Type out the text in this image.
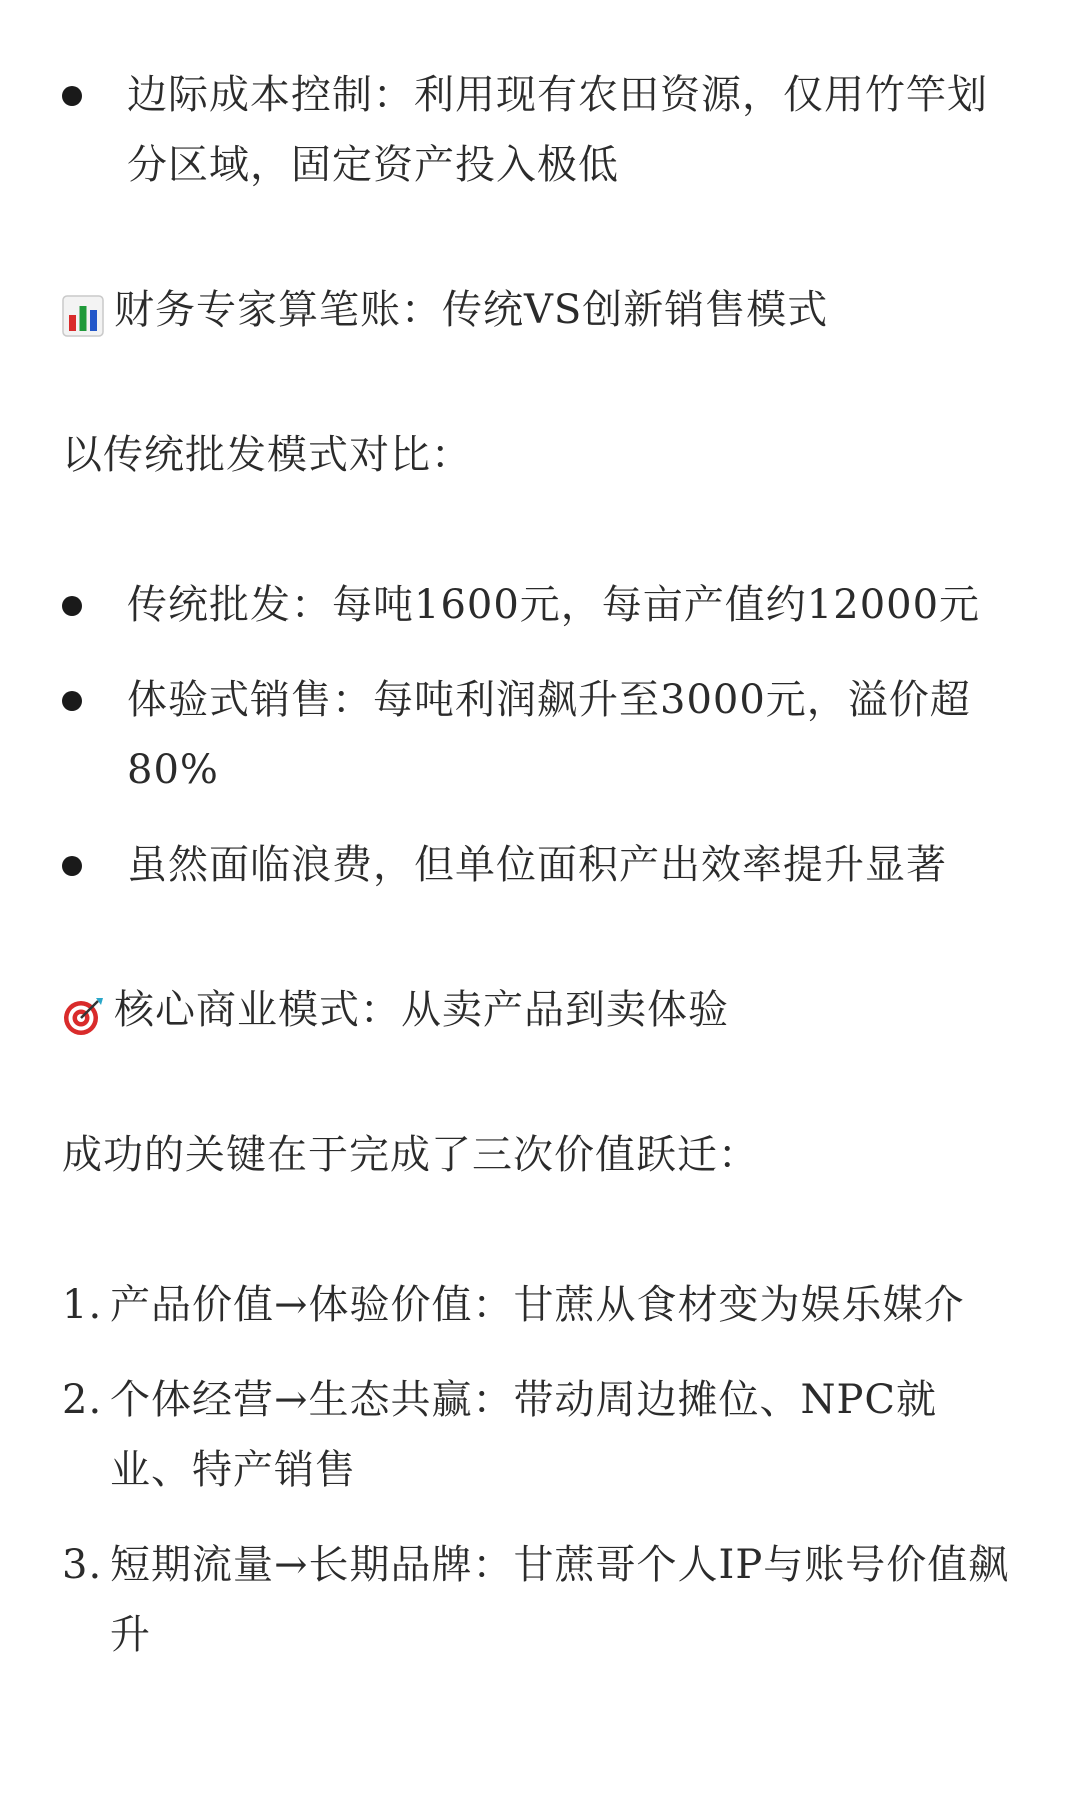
边际成本控制：利用现有农田资源，仅用竹竿划分区域，固定资产投入极低
财务专家算笔账：传统VS创新销售模式

以传统批发模式对比：

传统批发：每吨1600元，每亩产值约12000元
体验式销售：每吨利润飙升至3000元，溢价超80%
虽然面临浪费，但单位面积产出效率提升显著
核心商业模式：从卖产品到卖体验

成功的关键在于完成了三次价值跃迁：

1. 产品价值→体验价值：甘蔗从食材变为娱乐媒介
2. 个体经营→生态共赢：带动周边摊位、NPC就业、特产销售
3. 短期流量→长期品牌：甘蔗哥个人IP与账号价值飙升
